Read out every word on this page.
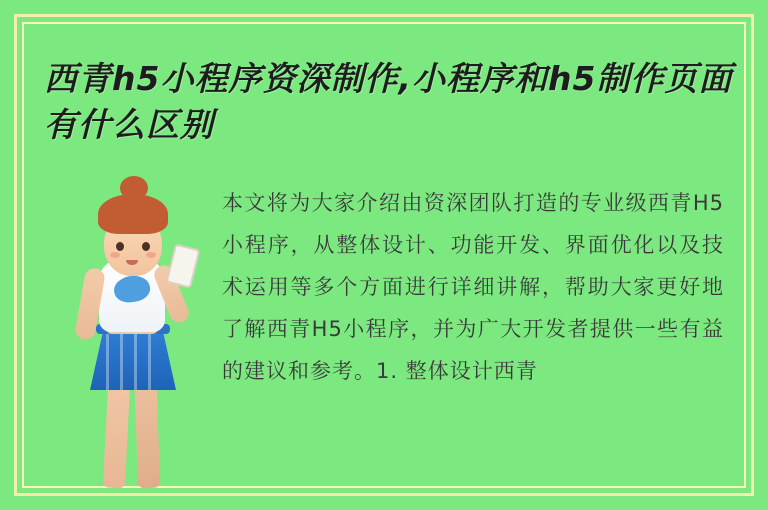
西青h5小程序资深制作,小程序和h5制作页面有什么区别
本文将为大家介绍由资深团队打造的专业级西青H5小程序，从整体设计、功能开发、界面优化以及技术运用等多个方面进行详细讲解，帮助大家更好地了解西青H5小程序，并为广大开发者提供一些有益的建议和参考。1. 整体设计西青
